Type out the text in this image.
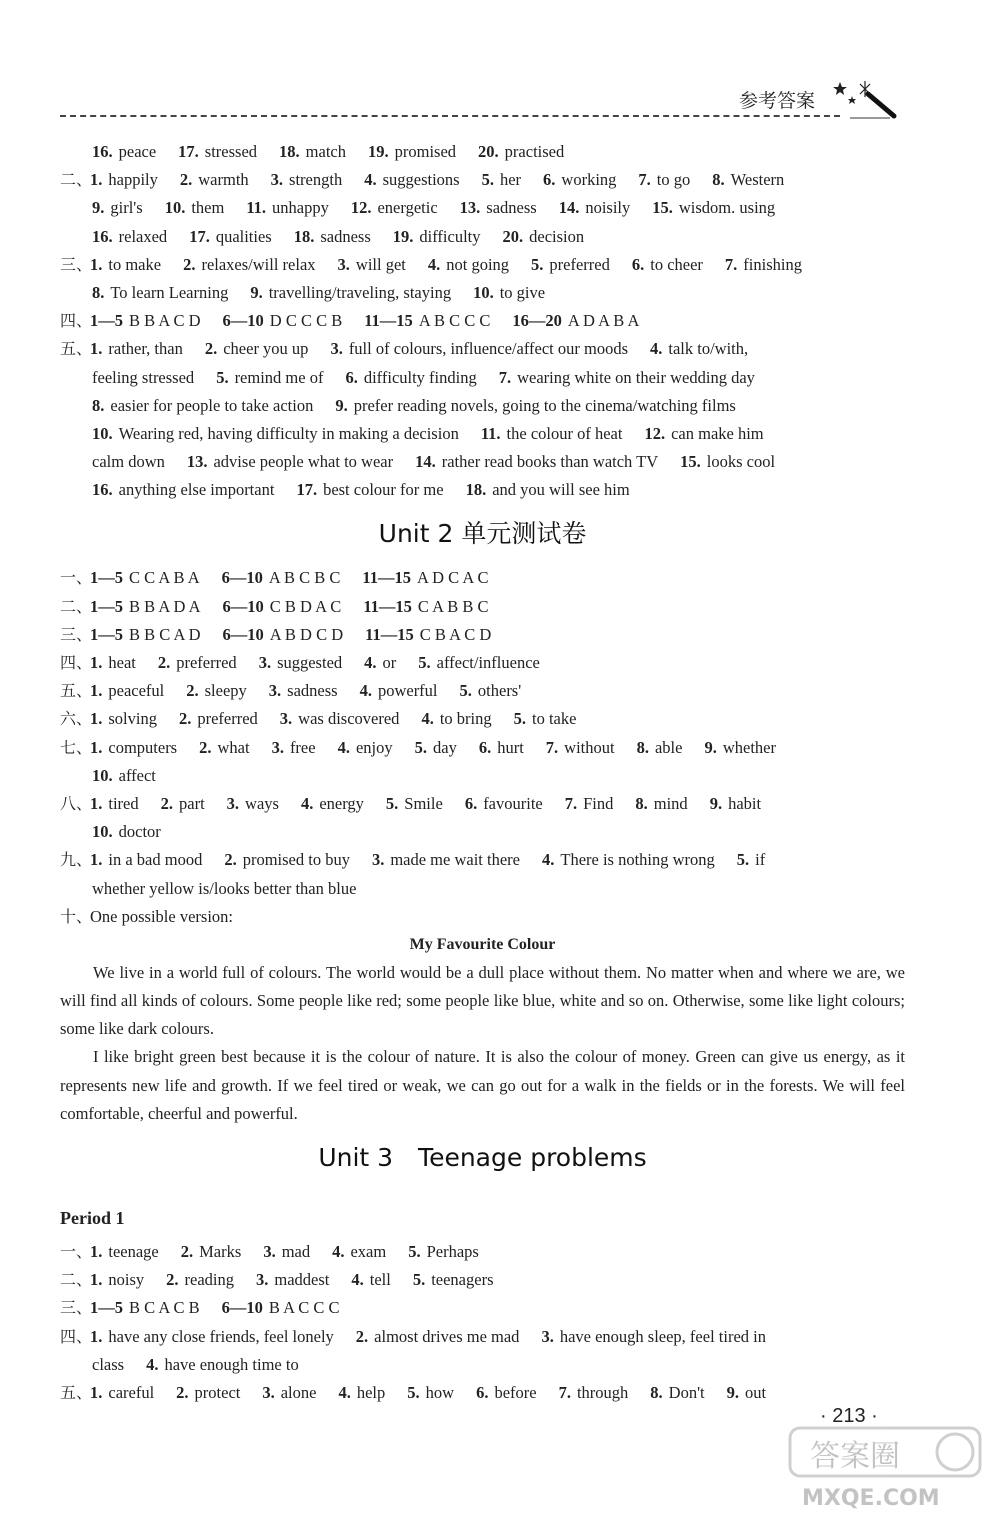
参考答案
16. peace 17. stressed 18. match 19. promised 20. practised
二、1. happily 2. warmth 3. strength 4. suggestions 5. her 6. working 7. to go 8. Western
9. girl's 10. them 11. unhappy 12. energetic 13. sadness 14. noisily 15. wisdom. using
16. relaxed 17. qualities 18. sadness 19. difficulty 20. decision
三、1. to make 2. relaxes/will relax 3. will get 4. not going 5. preferred 6. to cheer 7. finishing
8. To learn Learning 9. travelling/traveling, staying 10. to give
四、1—5 B B A C D 6—10 D C C C B 11—15 A B C C C 16—20 A D A B A
五、1. rather, than 2. cheer you up 3. full of colours, influence/affect our moods 4. talk to/with,
feeling stressed 5. remind me of 6. difficulty finding 7. wearing white on their wedding day
8. easier for people to take action 9. prefer reading novels, going to the cinema/watching films
10. Wearing red, having difficulty in making a decision 11. the colour of heat 12. can make him
calm down 13. advise people what to wear 14. rather read books than watch TV 15. looks cool
16. anything else important 17. best colour for me 18. and you will see him
Unit 2 单元测试卷
一、1—5 C C A B A 6—10 A B C B C 11—15 A D C A C
二、1—5 B B A D A 6—10 C B D A C 11—15 C A B B C
三、1—5 B B C A D 6—10 A B D C D 11—15 C B A C D
四、1. heat 2. preferred 3. suggested 4. or 5. affect/influence
五、1. peaceful 2. sleepy 3. sadness 4. powerful 5. others'
六、1. solving 2. preferred 3. was discovered 4. to bring 5. to take
七、1. computers 2. what 3. free 4. enjoy 5. day 6. hurt 7. without 8. able 9. whether
10. affect
八、1. tired 2. part 3. ways 4. energy 5. Smile 6. favourite 7. Find 8. mind 9. habit
10. doctor
九、1. in a bad mood 2. promised to buy 3. made me wait there 4. There is nothing wrong 5. if
whether yellow is/looks better than blue
十、One possible version:
My Favourite Colour

We live in a world full of colours. The world would be a dull place without them. No matter when and where we are, we will find all kinds of colours. Some people like red; some people like blue, white and so on. Otherwise, some like light colours; some like dark colours.

I like bright green best because it is the colour of nature. It is also the colour of money. Green can give us energy, as it represents new life and growth. If we feel tired or weak, we can go out for a walk in the fields or in the forests. We will feel comfortable, cheerful and powerful.

Unit 3　Teenage problems
Period 1
一、1. teenage 2. Marks 3. mad 4. exam 5. Perhaps
二、1. noisy 2. reading 3. maddest 4. tell 5. teenagers
三、1—5 B C A C B 6—10 B A C C C
四、1. have any close friends, feel lonely 2. almost drives me mad 3. have enough sleep, feel tired in
class 4. have enough time to
五、1. careful 2. protect 3. alone 4. help 5. how 6. before 7. through 8. Don't 9. out
· 213 ·
答案圈
MXQE.COM
